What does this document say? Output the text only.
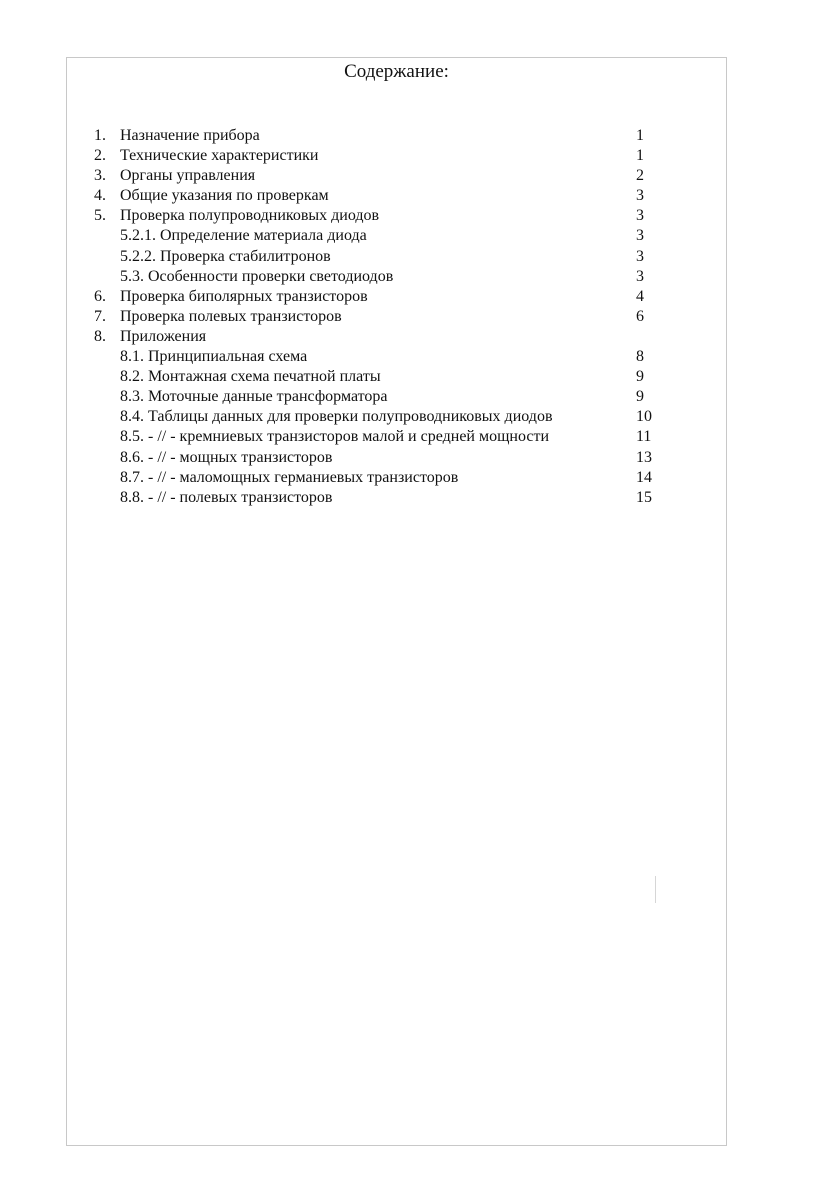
Содержание:
1. Назначение прибора	1
2. Технические характеристики	1
3. Органы управления	2
4. Общие указания по проверкам	3
5. Проверка полупроводниковых диодов	3
5.2.1. Определение материала диода	3
5.2.2. Проверка стабилитронов	3
5.3. Особенности проверки светодиодов	3
6. Проверка биполярных транзисторов	4
7. Проверка полевых транзисторов	6
8. Приложения
8.1. Принципиальная схема	8
8.2. Монтажная схема печатной платы	9
8.3. Моточные данные трансформатора	9
8.4. Таблицы данных для проверки полупроводниковых диодов	10
8.5. - // - кремниевых транзисторов малой и средней мощности	11
8.6. - // - мощных транзисторов	13
8.7. - // - маломощных германиевых транзисторов	14
8.8. - // - полевых транзисторов	15
